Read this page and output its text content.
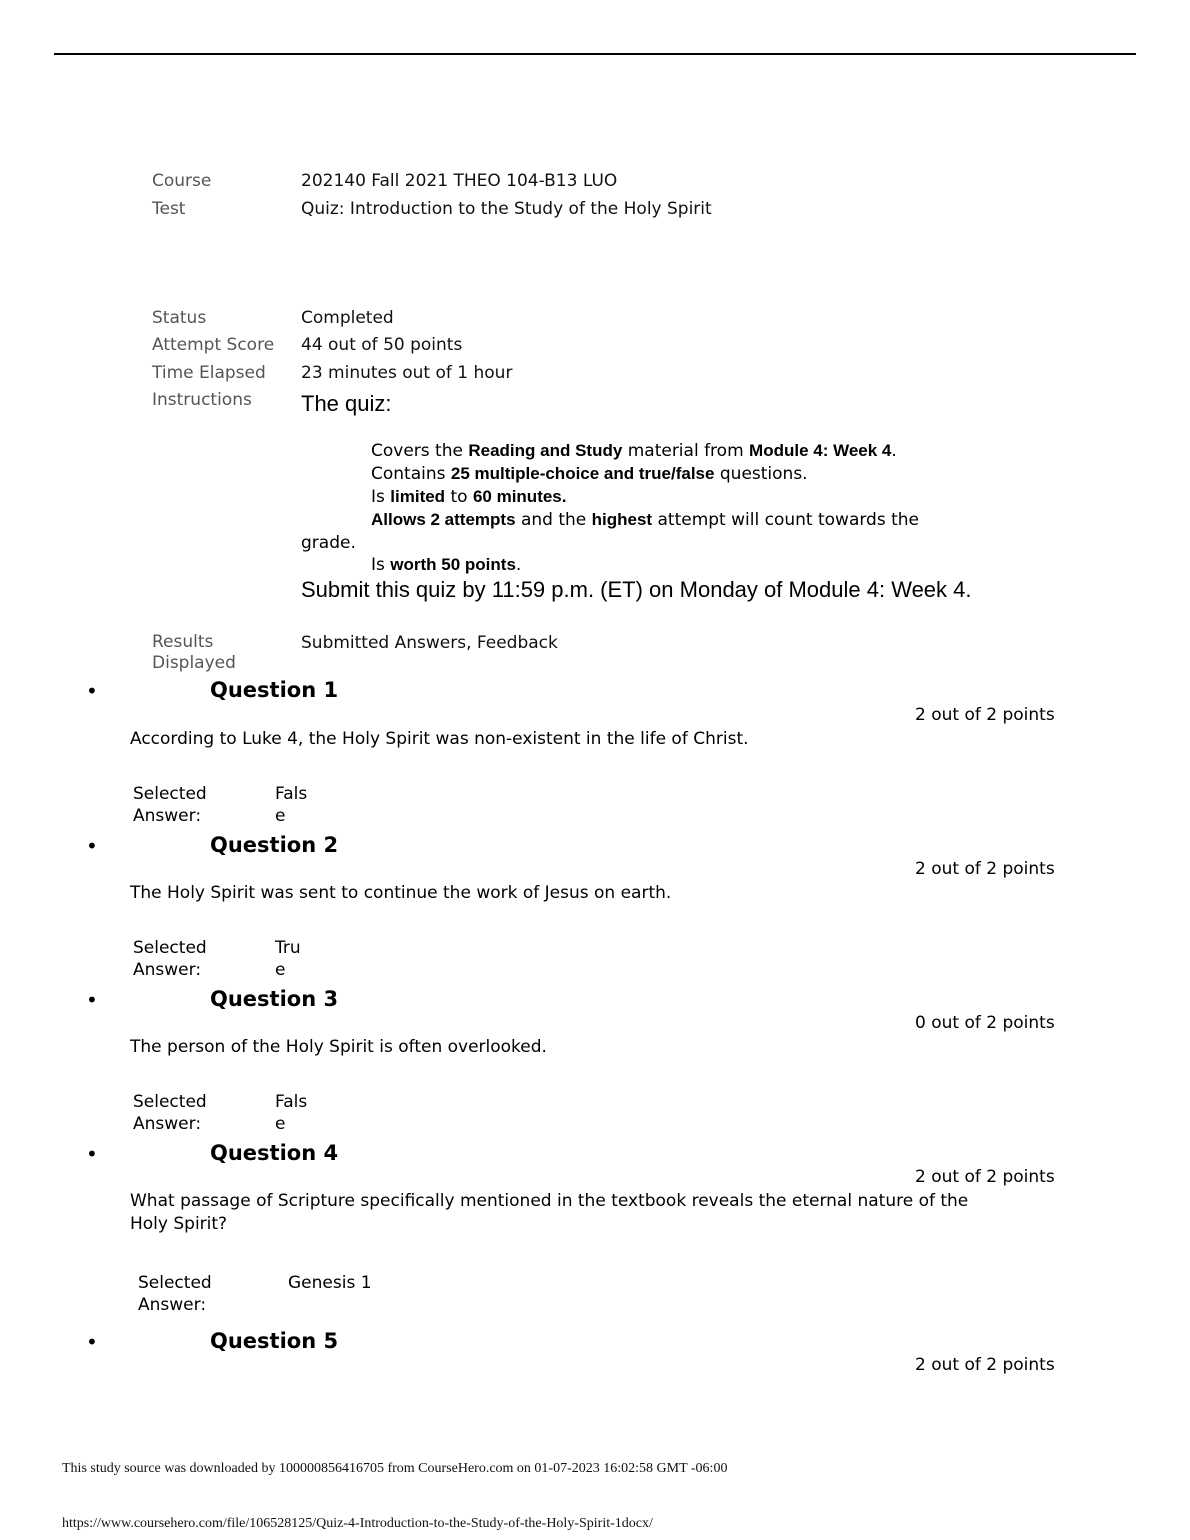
Course	202140 Fall 2021 THEO 104-B13 LUO
Test	Quiz: Introduction to the Study of the Holy Spirit
Status	Completed
Attempt Score 44 out of 50 points
Time Elapsed 23 minutes out of 1 hour
Instructions The quiz:
Covers the Reading and Study material from Module 4: Week 4.
Contains 25 multiple-choice and true/false questions.
Is limited to 60 minutes.
Allows 2 attempts and the highest attempt will count towards the
grade.
Is worth 50 points.
Submit this quiz by 11:59 p.m. (ET) on Monday of Module 4: Week 4.
Results Displayed
Submitted Answers, Feedback
•	Question 1
2 out of 2 points
According to Luke 4, the Holy Spirit was non-existent in the life of Christ.
Selected Answer:
False
•	Question 2
2 out of 2 points
The Holy Spirit was sent to continue the work of Jesus on earth.
Selected Answer:
True
•	Question 3
0 out of 2 points
The person of the Holy Spirit is often overlooked.
Selected Answer:
False
•	Question 4
2 out of 2 points
What passage of Scripture specifically mentioned in the textbook reveals the eternal nature of the Holy Spirit?
Selected Answer:
Genesis 1
•	Question 5
2 out of 2 points
This study source was downloaded by 100000856416705 from CourseHero.com on 01-07-2023 16:02:58 GMT -06:00
https://www.coursehero.com/file/106528125/Quiz-4-Introduction-to-the-Study-of-the-Holy-Spirit-1docx/
